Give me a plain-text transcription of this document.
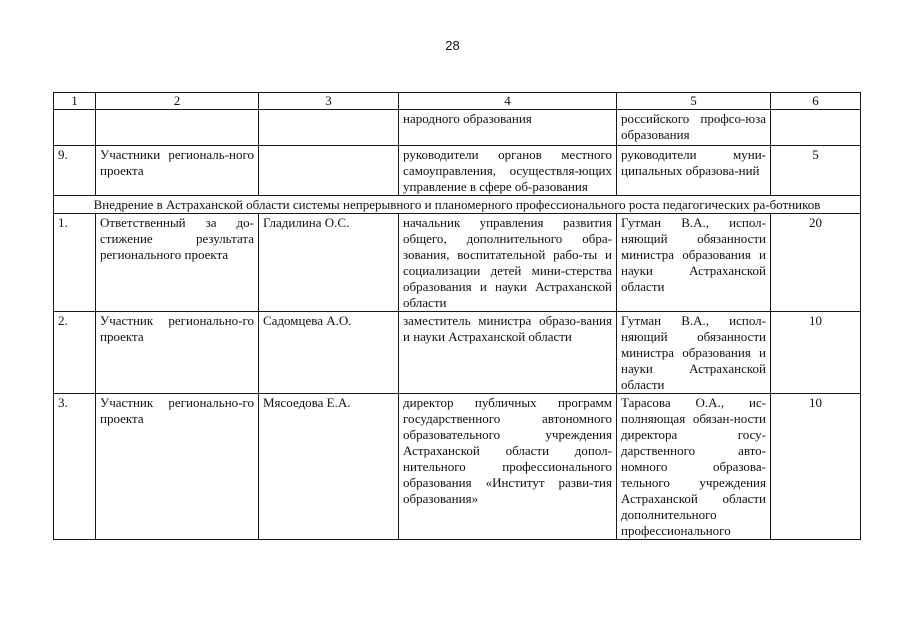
28
1	2	3	4	5	6
			народного образования	российского профсо-юза образования	
9.	Участники региональ-ного проекта		руководители органов местного самоуправления, осуществля-ющих управление в сфере об-разования	руководители муни-ципальных образова-ний	5
Внедрение в Астраханской области системы непрерывного и планомерного профессионального роста педагогических ра-ботников					
1.	Ответственный за до-стижение результата регионального проекта	Гладилина О.С.	начальник управления развития общего, дополнительного обра-зования, воспитательной рабо-ты и социализации детей мини-стерства образования и науки Астраханской области	Гутман В.А., испол-няющий обязанности министра образования и науки Астраханской области	20
2.	Участник регионально-го проекта	Садомцева А.О.	заместитель министра образо-вания и науки Астраханской области	Гутман В.А., испол-няющий обязанности министра образования и науки Астраханской области	10
3.	Участник регионально-го проекта	Мясоедова Е.А.	директор публичных программ государственного автономного образовательного учреждения Астраханской области допол-нительного профессионального образования «Институт разви-тия образования»	Тарасова О.А., ис-полняющая обязан-ности директора госу-дарственного авто-номного образова-тельного учреждения Астраханской области дополнительного профессионального	10
